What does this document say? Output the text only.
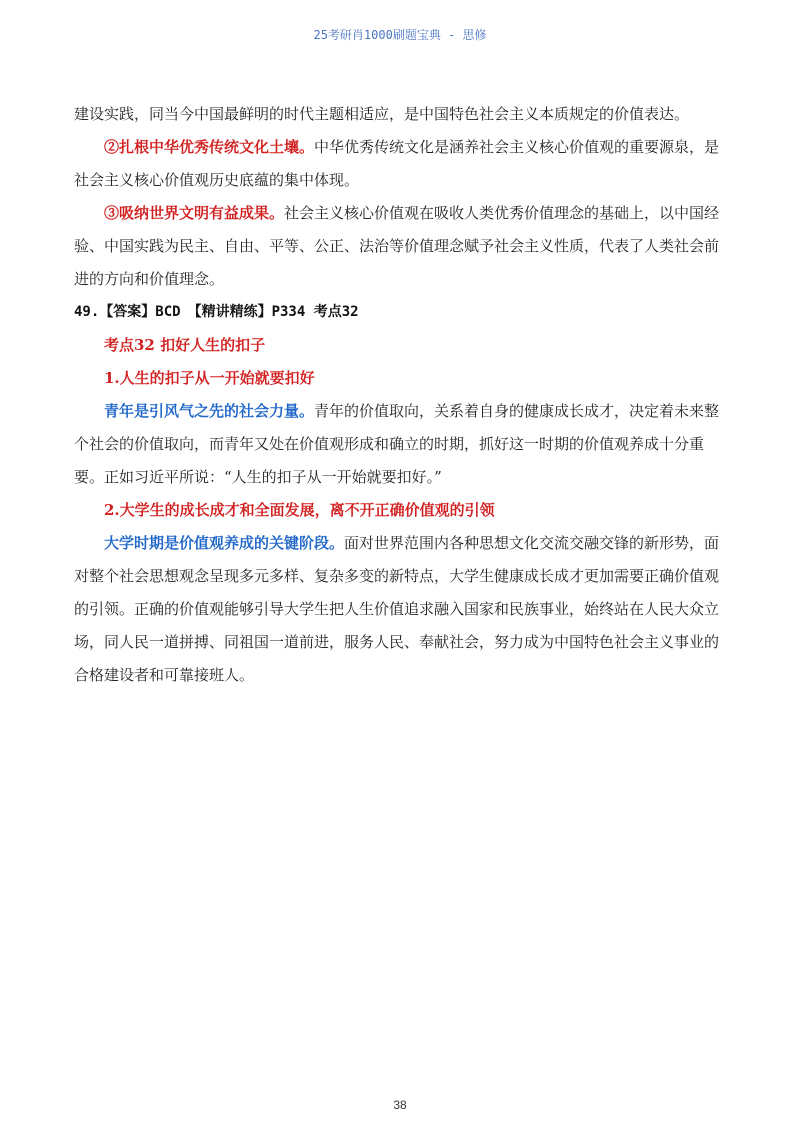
25考研肖1000刷题宝典 - 思修

建设实践，同当今中国最鲜明的时代主题相适应，是中国特色社会主义本质规定的价值表达。

②扎根中华优秀传统文化土壤。中华优秀传统文化是涵养社会主义核心价值观的重要源泉，是社会主义核心价值观历史底蕴的集中体现。

③吸纳世界文明有益成果。社会主义核心价值观在吸收人类优秀价值理念的基础上，以中国经验、中国实践为民主、自由、平等、公正、法治等价值理念赋予社会主义性质，代表了人类社会前进的方向和价值理念。

49.【答案】BCD　【精讲精练】P334 考点32

考点32 扣好人生的扣子

1.人生的扣子从一开始就要扣好

青年是引风气之先的社会力量。青年的价值取向，关系着自身的健康成长成才，决定着未来整个社会的价值取向，而青年又处在价值观形成和确立的时期，抓好这一时期的价值观养成十分重要。正如习近平所说：“人生的扣子从一开始就要扣好。”

2.大学生的成长成才和全面发展，离不开正确价值观的引领

大学时期是价值观养成的关键阶段。面对世界范围内各种思想文化交流交融交锋的新形势，面对整个社会思想观念呈现多元多样、复杂多变的新特点，大学生健康成长成才更加需要正确价值观的引领。正确的价值观能够引导大学生把人生价值追求融入国家和民族事业，始终站在人民大众立场，同人民一道拼搏、同祖国一道前进，服务人民、奉献社会，努力成为中国特色社会主义事业的合格建设者和可靠接班人。

38
